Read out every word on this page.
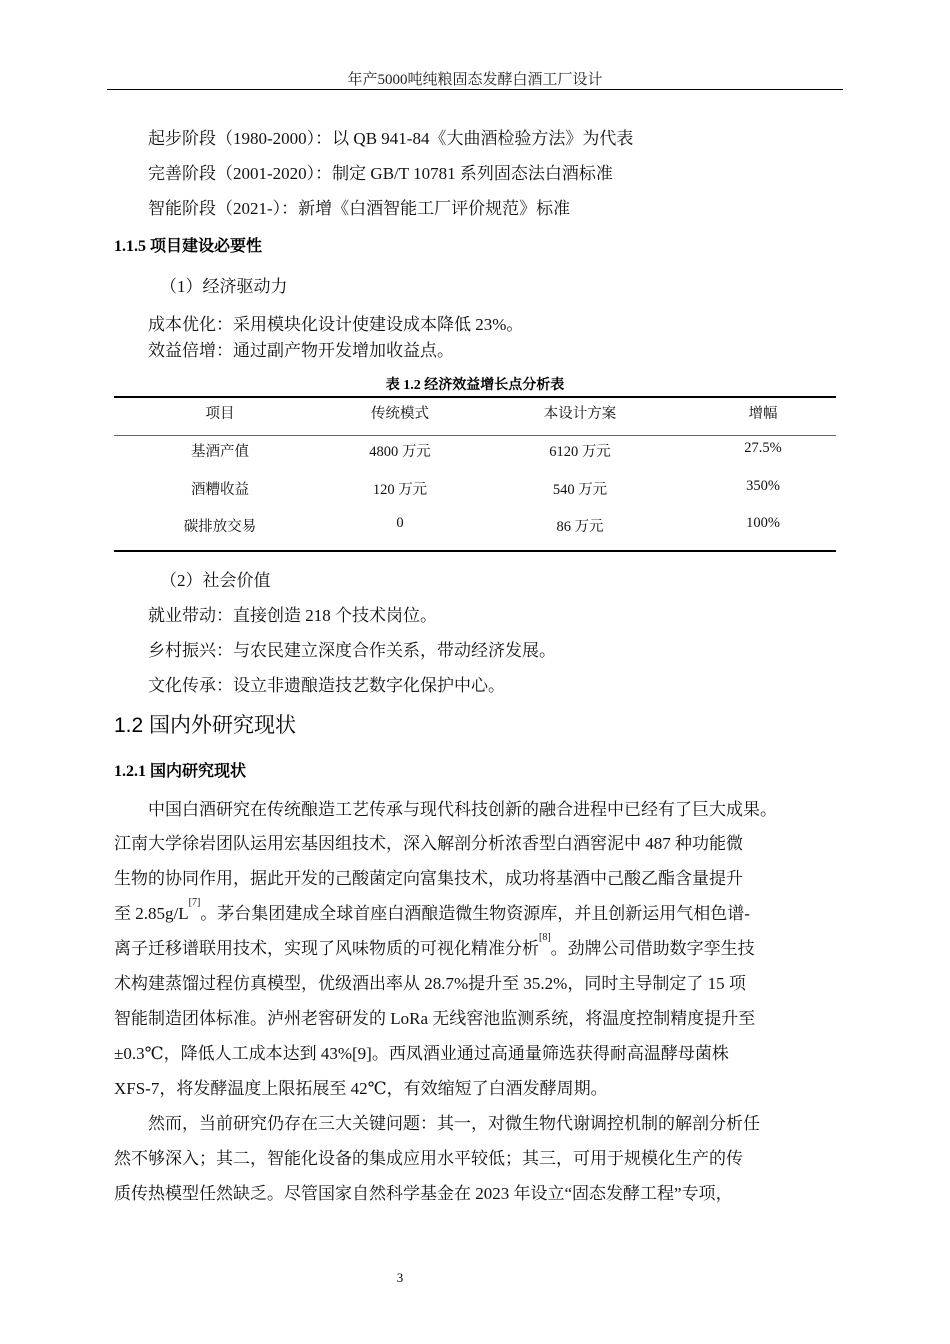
年产5000吨纯粮固态发酵白酒工厂设计
起步阶段（1980-2000）：以 QB 941-84《大曲酒检验方法》为代表
完善阶段（2001-2020）：制定 GB/T 10781 系列固态法白酒标准
智能阶段（2021-）：新增《白酒智能工厂评价规范》标准
1.1.5 项目建设必要性
（1）经济驱动力
成本优化：采用模块化设计使建设成本降低 23%。
效益倍增：通过副产物开发增加收益点。
表 1.2 经济效益增长点分析表
项目	传统模式	本设计方案	增幅
基酒产值	4800 万元	6120 万元	27.5%
酒糟收益	120 万元	540 万元	350%
碳排放交易	0	86 万元	100%
（2）社会价值
就业带动：直接创造 218 个技术岗位。
乡村振兴：与农民建立深度合作关系，带动经济发展。
文化传承：设立非遗酿造技艺数字化保护中心。
1.2 国内外研究现状
1.2.1 国内研究现状
　　中国白酒研究在传统酿造工艺传承与现代科技创新的融合进程中已经有了巨大成果。
江南大学徐岩团队运用宏基因组技术，深入解剖分析浓香型白酒窖泥中 487 种功能微
生物的协同作用，据此开发的己酸菌定向富集技术，成功将基酒中己酸乙酯含量提升
至 2.85g/L[7]。茅台集团建成全球首座白酒酿造微生物资源库，并且创新运用气相色谱-
离子迁移谱联用技术，实现了风味物质的可视化精准分析[8]。劲牌公司借助数字孪生技
术构建蒸馏过程仿真模型，优级酒出率从 28.7%提升至 35.2%，同时主导制定了 15 项
智能制造团体标准。泸州老窖研发的 LoRa 无线窖池监测系统，将温度控制精度提升至
±0.3℃，降低人工成本达到 43%[9]。西凤酒业通过高通量筛选获得耐高温酵母菌株
XFS-7，将发酵温度上限拓展至 42℃，有效缩短了白酒发酵周期。
　　然而，当前研究仍存在三大关键问题：其一，对微生物代谢调控机制的解剖分析任
然不够深入；其二，智能化设备的集成应用水平较低；其三，可用于规模化生产的传
质传热模型任然缺乏。尽管国家自然科学基金在 2023 年设立“固态发酵工程”专项，
3
